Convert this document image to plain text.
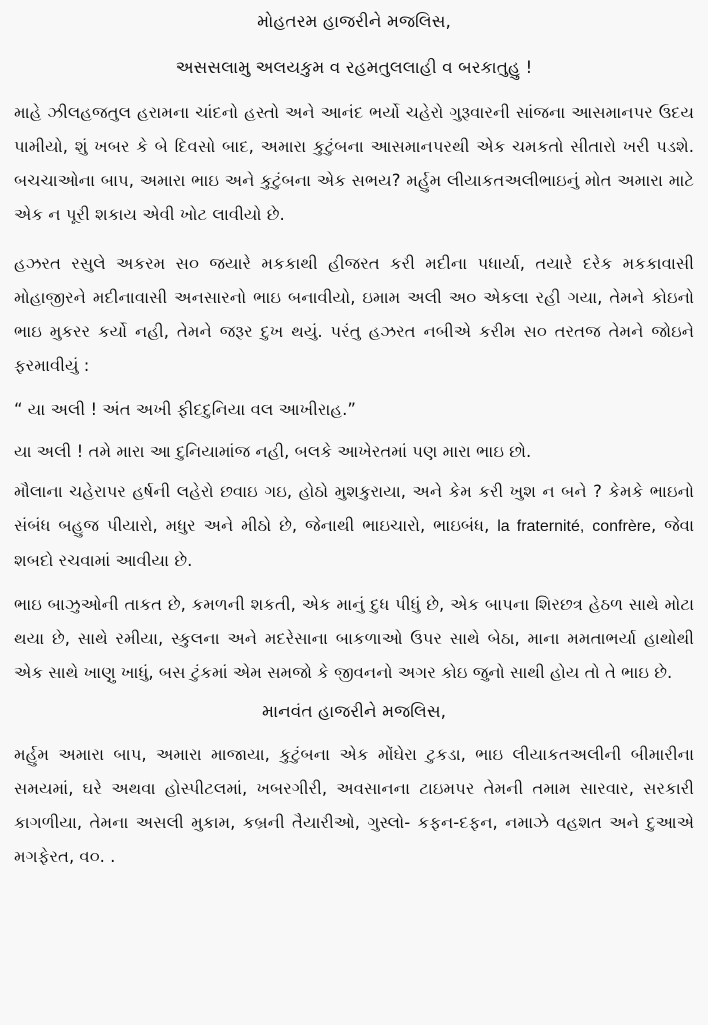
મોહતરમ હાજરીને મજલિસ,

અસસલામુ અલયકુમ વ રહમતુલલાહી વ બરકાતુહુ !

માહે ઝીલહજતુલ હરામના ચાંદનો હસ્તો અને આનંદ ભર્યો ચહેરો ગુરૂવારની સાંજના આસમાનપર ઉદય પામીયો, શું ખબર કે બે દિવસો બાદ, અમારા કુટુંબના આસમાનપરથી એક ચમકતો સીતારો ખરી પડશે. બચચાઓના બાપ, અમારા ભાઇ અને કુટુંબના એક સભય? મર્હુમ લીયાકતઅલીભાઇનું મોત અમારા માટે એક ન પૂરી શકાય એવી ખોટ લાવીયો છે.

હઝરત રસુલે અકરમ સ૦ જયારે મકકાથી હીજરત કરી મદીના પધાર્યા, તયારે દરેક મકકાવાસી મોહાજીરને મદીનાવાસી અનસારનો ભાઇ બનાવીયો, ઇમામ અલી અ૦ એકલા રહી ગયા, તેમને કોઇનો ભાઇ મુકરર કર્યો નહી, તેમને જરૂર દુખ થયું. પરંતુ હઝરત નબીએ કરીમ સ૦ તરતજ તેમને જોઇને ફરમાવીયું :

“ યા અલી ! અંત અખી ફીદદુનિયા વલ આખીરાહ.”

યા અલી ! તમે મારા આ દુનિયામાંજ નહી, બલકે આખેરતમાં પણ મારા ભાઇ છો.

મૌલાના ચહેરાપર હર્ષની લહેરો છવાઇ ગઇ, હોઠો મુશકુરાયા, અને કેમ કરી ખુશ ન બને ? કેમકે ભાઇનો સંબંધ બહુજ પીયારો, મધુર અને મીઠો છે, જેનાથી ભાઇચારો, ભાઇબંધ, la fraternité, confrère, જેવા શબદો રચવામાં આવીયા છે.

ભાઇ બાઝુઓની તાકત છે, કમળની શકતી, એક માનું દુધ પીધું છે, એક બાપના શિરછત્ર હેઠળ સાથે મોટા થયા છે, સાથે રમીયા, સ્કુલના અને મદરેસાના બાકળાઓ ઉપર સાથે બેઠા, માના મમતાભર્યા હાથોથી એક સાથે ખાણુ ખાધું, બસ ટુંકમાં એમ સમજો કે જીવનનો અગર કોઇ જુનો સાથી હોય તો તે ભાઇ છે.

માનવંત હાજરીને મજલિસ,

મર્હુમ અમારા બાપ, અમારા માજાયા, કુટુંબના એક મોંઘેરા ટુકડા, ભાઇ લીયાકતઅલીની બીમારીના સમયમાં, ઘરે અથવા હોસ્પીટલમાં, ખબરગીરી, અવસાનના ટાઇમપર તેમની તમામ સારવાર, સરકારી કાગળીયા, તેમના અસલી મુકામ, કબ્રની તૈયારીઓ, ગુસ્લો- કફન-દફન, નમાઝે વહશત અને દુઆએ મગફેરત, વ૦. .
